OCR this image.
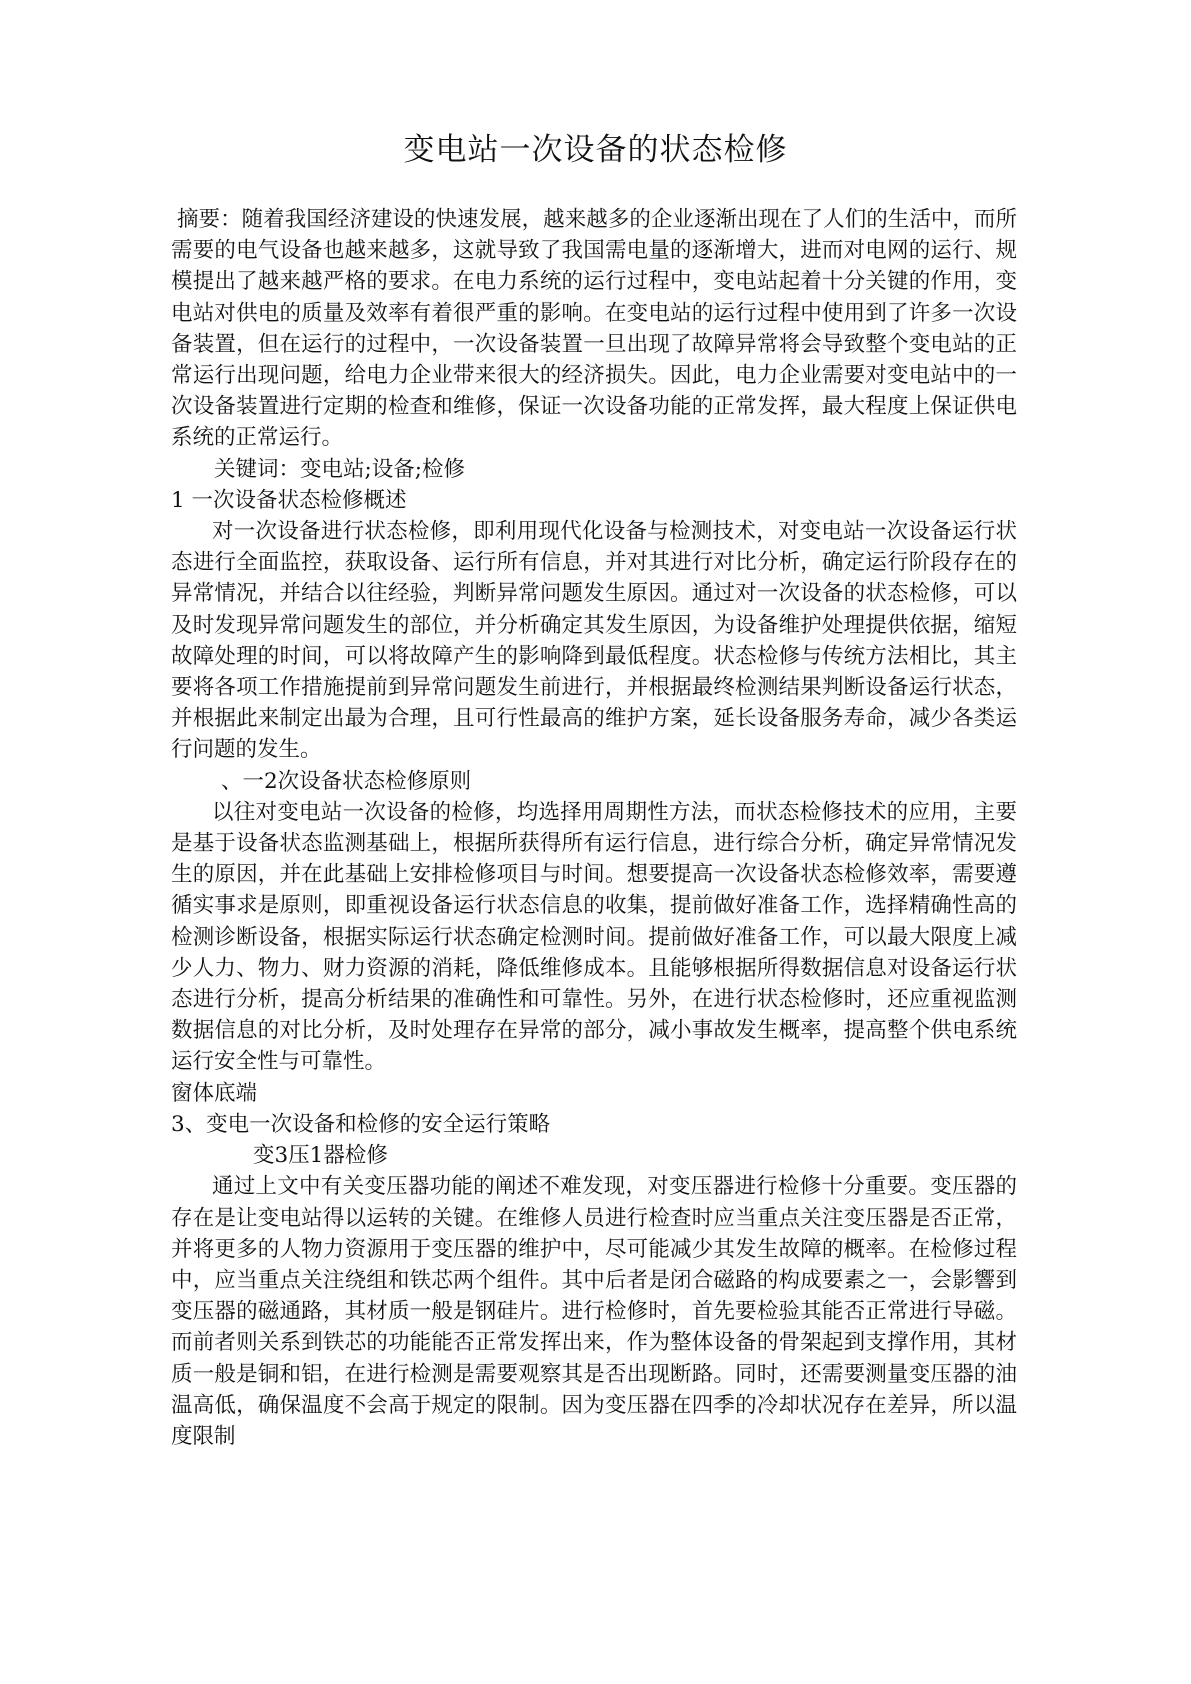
变电站一次设备的状态检修

摘要：随着我国经济建设的快速发展，越来越多的企业逐渐出现在了人们的生活中，而所需要的电气设备也越来越多，这就导致了我国需电量的逐渐增大，进而对电网的运行、规模提出了越来越严格的要求。在电力系统的运行过程中，变电站起着十分关键的作用，变电站对供电的质量及效率有着很严重的影响。在变电站的运行过程中使用到了许多一次设备装置，但在运行的过程中，一次设备装置一旦出现了故障异常将会导致整个变电站的正常运行出现问题，给电力企业带来很大的经济损失。因此，电力企业需要对变电站中的一次设备装置进行定期的检查和维修，保证一次设备功能的正常发挥，最大程度上保证供电系统的正常运行。

关键词：变电站;设备;检修

1 一次设备状态检修概述

对一次设备进行状态检修，即利用现代化设备与检测技术，对变电站一次设备运行状态进行全面监控，获取设备、运行所有信息，并对其进行对比分析，确定运行阶段存在的异常情况，并结合以往经验，判断异常问题发生原因。通过对一次设备的状态检修，可以及时发现异常问题发生的部位，并分析确定其发生原因，为设备维护处理提供依据，缩短故障处理的时间，可以将故障产生的影响降到最低程度。状态检修与传统方法相比，其主要将各项工作措施提前到异常问题发生前进行，并根据最终检测结果判断设备运行状态，并根据此来制定出最为合理，且可行性最高的维护方案，延长设备服务寿命，减少各类运行问题的发生。

、一2次设备状态检修原则

以往对变电站一次设备的检修，均选择用周期性方法，而状态检修技术的应用，主要是基于设备状态监测基础上，根据所获得所有运行信息，进行综合分析，确定异常情况发生的原因，并在此基础上安排检修项目与时间。想要提高一次设备状态检修效率，需要遵循实事求是原则，即重视设备运行状态信息的收集，提前做好准备工作，选择精确性高的检测诊断设备，根据实际运行状态确定检测时间。提前做好准备工作，可以最大限度上减少人力、物力、财力资源的消耗，降低维修成本。且能够根据所得数据信息对设备运行状态进行分析，提高分析结果的准确性和可靠性。另外，在进行状态检修时，还应重视监测数据信息的对比分析，及时处理存在异常的部分，减小事故发生概率，提高整个供电系统运行安全性与可靠性。

窗体底端

3、变电一次设备和检修的安全运行策略

变3压1器检修

通过上文中有关变压器功能的阐述不难发现，对变压器进行检修十分重要。变压器的存在是让变电站得以运转的关键。在维修人员进行检查时应当重点关注变压器是否正常，并将更多的人物力资源用于变压器的维护中，尽可能减少其发生故障的概率。在检修过程中，应当重点关注绕组和铁芯两个组件。其中后者是闭合磁路的构成要素之一，会影響到变压器的磁通路，其材质一般是钢硅片。进行检修时，首先要检验其能否正常进行导磁。而前者则关系到铁芯的功能能否正常发挥出来，作为整体设备的骨架起到支撑作用，其材质一般是铜和铝，在进行检测是需要观察其是否出现断路。同时，还需要测量变压器的油温高低，确保温度不会高于规定的限制。因为变压器在四季的冷却状况存在差异，所以温度限制
